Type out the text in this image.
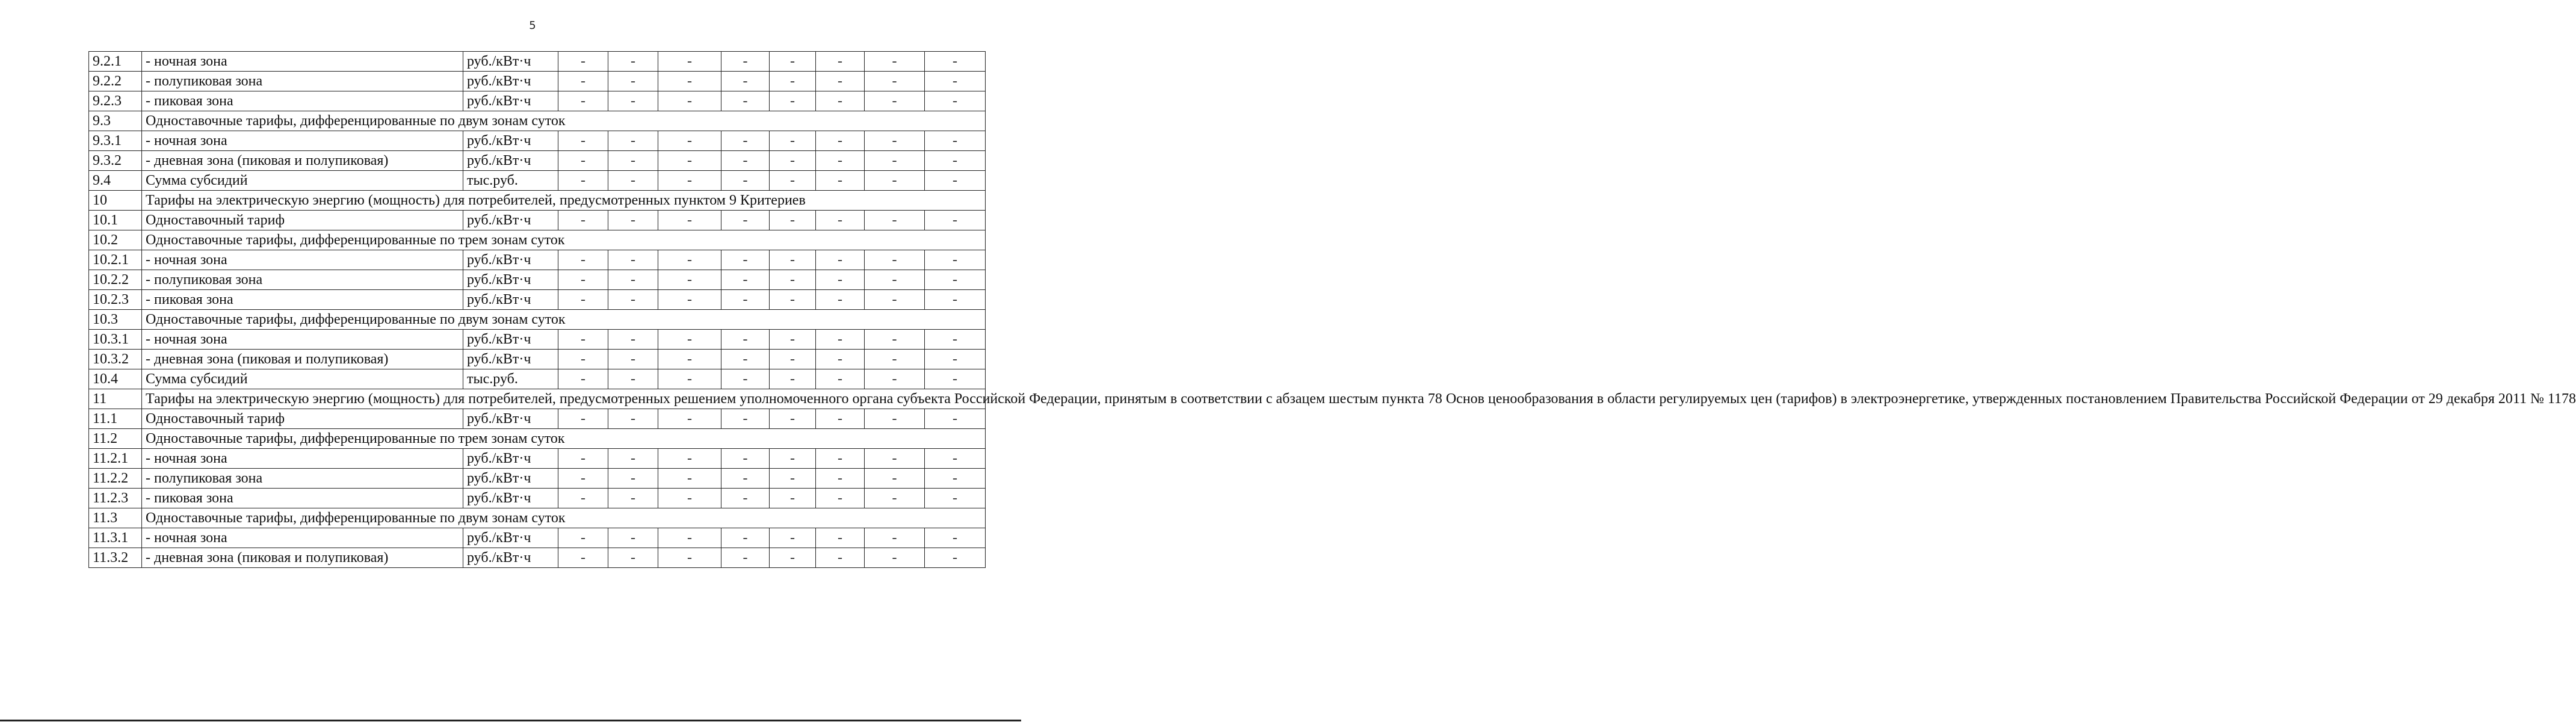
5
9.2.1	- ночная зона	руб./кВт·ч	-	-	-	-	-	-	-	-
9.2.2	- полупиковая зона	руб./кВт·ч	-	-	-	-	-	-	-	-
9.2.3	- пиковая зона	руб./кВт·ч	-	-	-	-	-	-	-	-
9.3	Одноставочные тарифы, дифференцированные по двум зонам суток									
9.3.1	- ночная зона	руб./кВт·ч	-	-	-	-	-	-	-	-
9.3.2	- дневная зона (пиковая и полупиковая)	руб./кВт·ч	-	-	-	-	-	-	-	-
9.4	Сумма субсидий	тыс.руб.	-	-	-	-	-	-	-	-
10	Тарифы на электрическую энергию (мощность) для потребителей, предусмотренных пунктом 9 Критериев									
10.1	Одноставочный тариф	руб./кВт·ч	-	-	-	-	-	-	-	-
10.2	Одноставочные тарифы, дифференцированные по трем зонам суток									
10.2.1	- ночная зона	руб./кВт·ч	-	-	-	-	-	-	-	-
10.2.2	- полупиковая зона	руб./кВт·ч	-	-	-	-	-	-	-	-
10.2.3	- пиковая зона	руб./кВт·ч	-	-	-	-	-	-	-	-
10.3	Одноставочные тарифы, дифференцированные по двум зонам суток									
10.3.1	- ночная зона	руб./кВт·ч	-	-	-	-	-	-	-	-
10.3.2	- дневная зона (пиковая и полупиковая)	руб./кВт·ч	-	-	-	-	-	-	-	-
10.4	Сумма субсидий	тыс.руб.	-	-	-	-	-	-	-	-
11	Тарифы на электрическую энергию (мощность) для потребителей, предусмотренных решением уполномоченного органа субъекта Российской Федерации, принятым в соответствии с абзацем шестым пункта 78 Основ ценообразования в области регулируемых цен (тарифов) в электроэнергетике, утвержденных постановлением Правительства Российской Федерации от 29 декабря 2011 № 1178									
11.1	Одноставочный тариф	руб./кВт·ч	-	-	-	-	-	-	-	-
11.2	Одноставочные тарифы, дифференцированные по трем зонам суток									
11.2.1	- ночная зона	руб./кВт·ч	-	-	-	-	-	-	-	-
11.2.2	- полупиковая зона	руб./кВт·ч	-	-	-	-	-	-	-	-
11.2.3	- пиковая зона	руб./кВт·ч	-	-	-	-	-	-	-	-
11.3	Одноставочные тарифы, дифференцированные по двум зонам суток									
11.3.1	- ночная зона	руб./кВт·ч	-	-	-	-	-	-	-	-
11.3.2	- дневная зона (пиковая и полупиковая)	руб./кВт·ч	-	-	-	-	-	-	-	-
